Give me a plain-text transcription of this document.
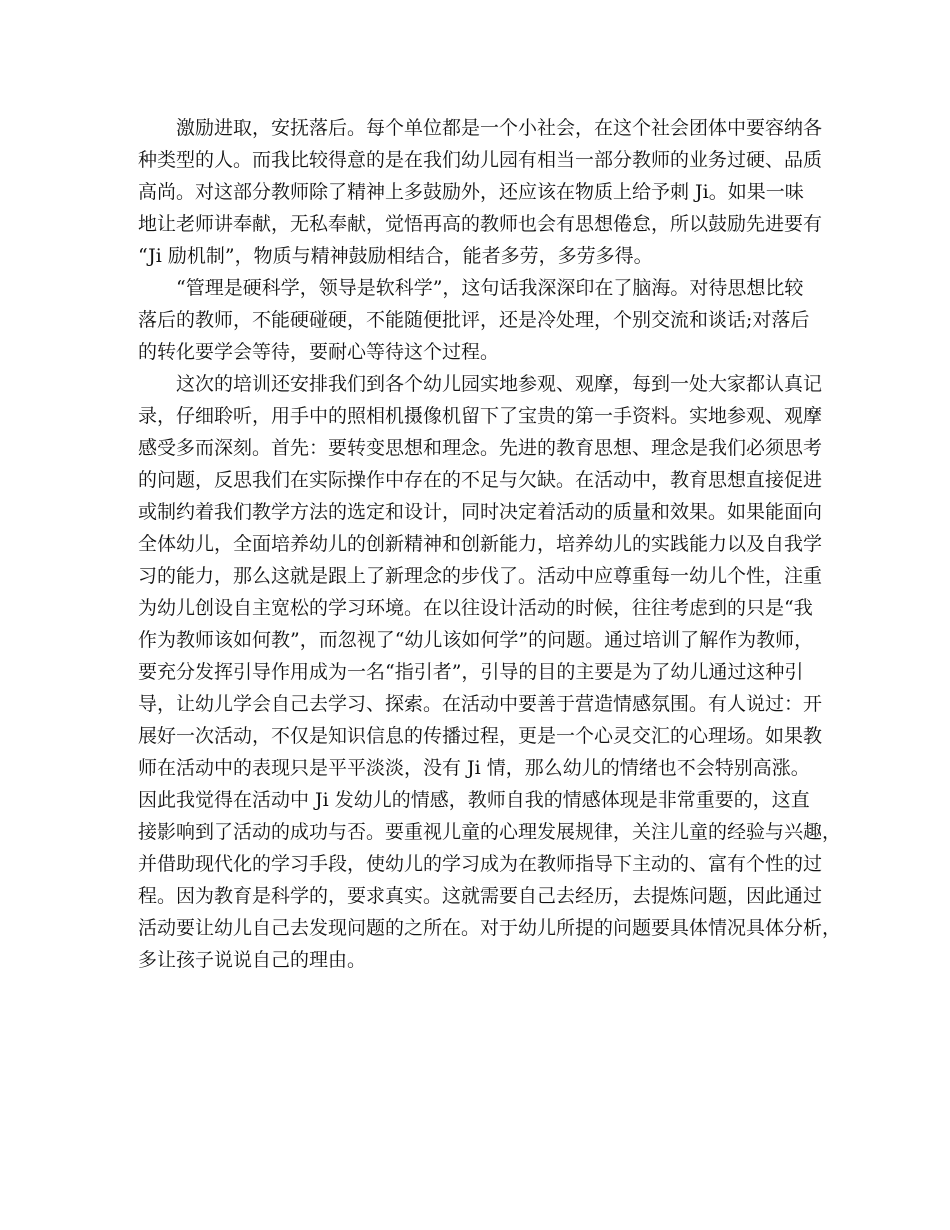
激励进取，安抚落后。每个单位都是一个小社会，在这个社会团体中要容纳各
种类型的人。而我比较得意的是在我们幼儿园有相当一部分教师的业务过硬、品质
高尚。对这部分教师除了精神上多鼓励外，还应该在物质上给予刺 Ji。如果一味
地让老师讲奉献，无私奉献，觉悟再高的教师也会有思想倦怠，所以鼓励先进要有
“Ji 励机制”，物质与精神鼓励相结合，能者多劳，多劳多得。
“管理是硬科学，领导是软科学”，这句话我深深印在了脑海。对待思想比较
落后的教师，不能硬碰硬，不能随便批评，还是冷处理，个别交流和谈话;对落后
的转化要学会等待，要耐心等待这个过程。
这次的培训还安排我们到各个幼儿园实地参观、观摩，每到一处大家都认真记
录，仔细聆听，用手中的照相机摄像机留下了宝贵的第一手资料。实地参观、观摩
感受多而深刻。首先：要转变思想和理念。先进的教育思想、理念是我们必须思考
的问题，反思我们在实际操作中存在的不足与欠缺。在活动中，教育思想直接促进
或制约着我们教学方法的选定和设计，同时决定着活动的质量和效果。如果能面向
全体幼儿，全面培养幼儿的创新精神和创新能力，培养幼儿的实践能力以及自我学
习的能力，那么这就是跟上了新理念的步伐了。活动中应尊重每一幼儿个性，注重
为幼儿创设自主宽松的学习环境。在以往设计活动的时候，往往考虑到的只是“我
作为教师该如何教”，而忽视了“幼儿该如何学”的问题。通过培训了解作为教师，
要充分发挥引导作用成为一名“指引者”，引导的目的主要是为了幼儿通过这种引
导，让幼儿学会自己去学习、探索。在活动中要善于营造情感氛围。有人说过：开
展好一次活动，不仅是知识信息的传播过程，更是一个心灵交汇的心理场。如果教
师在活动中的表现只是平平淡淡，没有 Ji 情，那么幼儿的情绪也不会特别高涨。
因此我觉得在活动中 Ji 发幼儿的情感，教师自我的情感体现是非常重要的，这直
接影响到了活动的成功与否。要重视儿童的心理发展规律，关注儿童的经验与兴趣，
并借助现代化的学习手段，使幼儿的学习成为在教师指导下主动的、富有个性的过
程。因为教育是科学的，要求真实。这就需要自己去经历，去提炼问题，因此通过
活动要让幼儿自己去发现问题的之所在。对于幼儿所提的问题要具体情况具体分析，
多让孩子说说自己的理由。
